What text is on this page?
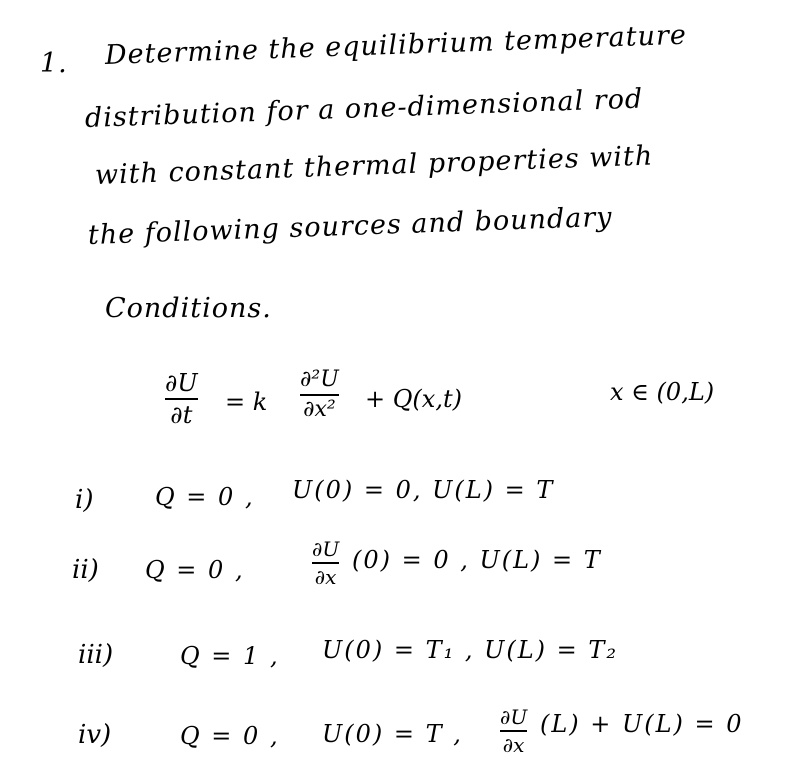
1. Determine the equilibrium temperature
distribution for a one-dimensional rod
with constant thermal properties with
the following sources and boundary
Conditions.
∂U
∂t = k
∂²U
∂x² + Q(x,t)	x ∈ (0,L)
i)	Q = 0 , U(0) = 0, U(L) = T
ii) Q = 0 ,
∂U
∂x
(0) = 0 , U(L) = T
iii)	Q = 1 , U(0) = T₁ , U(L) = T₂
iv)	Q = 0 , U(0) = T ,
∂U
∂x
(L) + U(L) = 0
